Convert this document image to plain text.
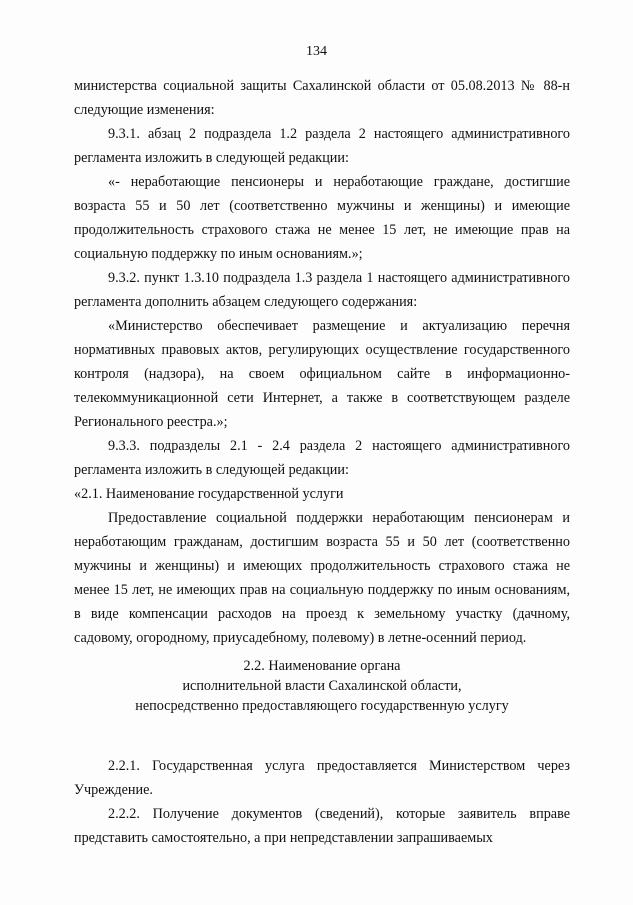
134

министерства социальной защиты Сахалинской области от 05.08.2013 № 88-н следующие изменения:

9.3.1. абзац 2 подраздела 1.2 раздела 2 настоящего административного регламента изложить в следующей редакции:

«- неработающие пенсионеры и неработающие граждане, достигшие возраста 55 и 50 лет (соответственно мужчины и женщины) и имеющие продолжительность страхового стажа не менее 15 лет, не имеющие прав на социальную поддержку по иным основаниям.»;

9.3.2. пункт 1.3.10 подраздела 1.3 раздела 1 настоящего административного регламента дополнить абзацем следующего содержания:

«Министерство обеспечивает размещение и актуализацию перечня нормативных правовых актов, регулирующих осуществление государственного контроля (надзора), на своем официальном сайте в информационно-телекоммуникационной сети Интернет, а также в соответствующем разделе Регионального реестра.»;

9.3.3. подразделы 2.1 - 2.4 раздела 2 настоящего административного регламента изложить в следующей редакции:

«2.1. Наименование государственной услуги

Предоставление социальной поддержки неработающим пенсионерам и неработающим гражданам, достигшим возраста 55 и 50 лет (соответственно мужчины и женщины) и имеющих продолжительность страхового стажа не менее 15 лет, не имеющих прав на социальную поддержку по иным основаниям, в виде компенсации расходов на проезд к земельному участку (дачному, садовому, огородному, приусадебному, полевому) в летне-осенний период.

2.2. Наименование органа
исполнительной власти Сахалинской области,
непосредственно предоставляющего государственную услугу

2.2.1. Государственная услуга предоставляется Министерством через Учреждение.

2.2.2. Получение документов (сведений), которые заявитель вправе представить самостоятельно, а при непредставлении запрашиваемых
